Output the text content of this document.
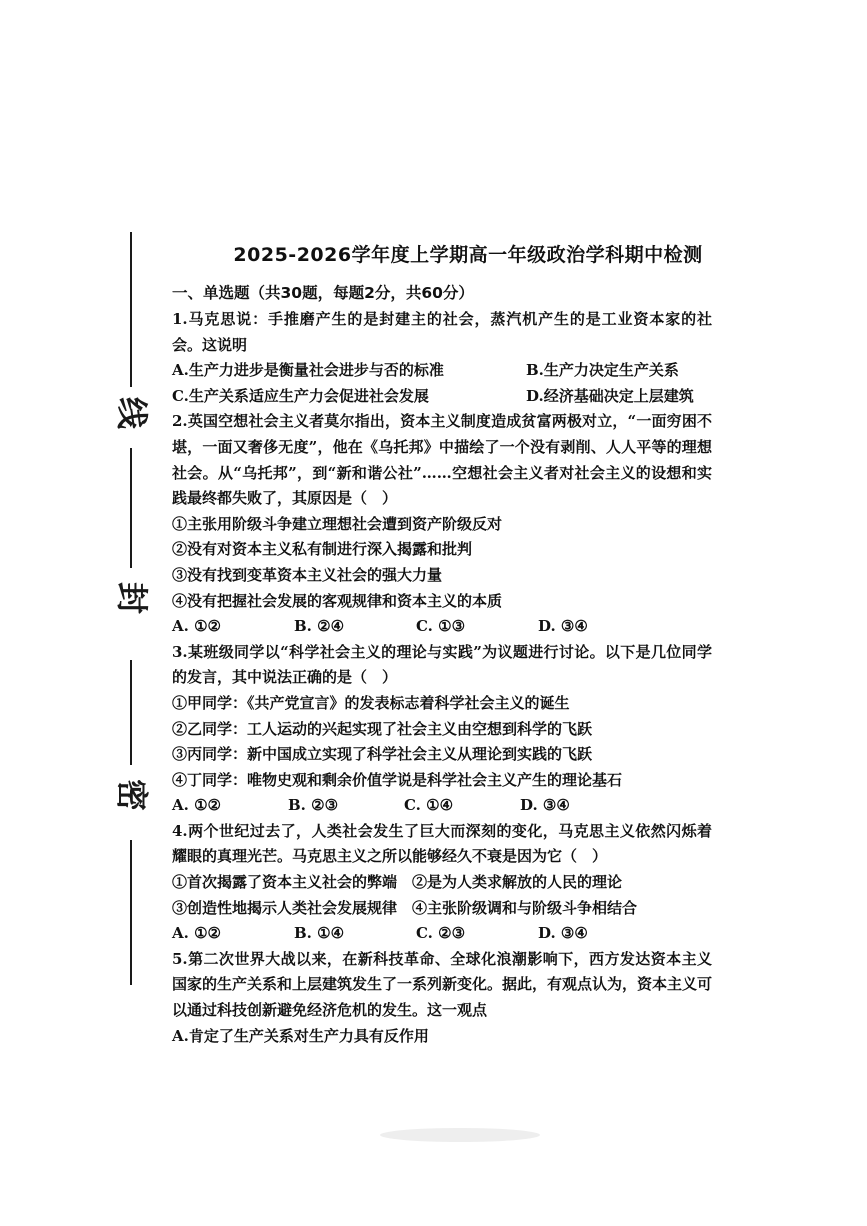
线
封
密
2025-2026学年度上学期高一年级政治学科期中检测
一、单选题（共30题，每题2分，共60分）
1.马克思说：手推磨产生的是封建主的社会，蒸汽机产生的是工业资本家的社会。这说明
A.生产力进步是衡量社会进步与否的标准	B.生产力决定生产关系
C.生产关系适应生产力会促进社会发展	D.经济基础决定上层建筑
2.英国空想社会主义者莫尔指出，资本主义制度造成贫富两极对立，“一面穷困不堪，一面又奢侈无度”，他在《乌托邦》中描绘了一个没有剥削、人人平等的理想社会。从“乌托邦”，到“新和谐公社”……空想社会主义者对社会主义的设想和实践最终都失败了，其原因是（　）
①主张用阶级斗争建立理想社会遭到资产阶级反对
②没有对资本主义私有制进行深入揭露和批判
③没有找到变革资本主义社会的强大力量
④没有把握社会发展的客观规律和资本主义的本质
A. ①②	B. ②④	C. ①③	D. ③④
3.某班级同学以“科学社会主义的理论与实践”为议题进行讨论。以下是几位同学的发言，其中说法正确的是（　）
①甲同学：《共产党宣言》的发表标志着科学社会主义的诞生
②乙同学：工人运动的兴起实现了社会主义由空想到科学的飞跃
③丙同学：新中国成立实现了科学社会主义从理论到实践的飞跃
④丁同学：唯物史观和剩余价值学说是科学社会主义产生的理论基石
A. ①②	B. ②③	C. ①④	D. ③④
4.两个世纪过去了，人类社会发生了巨大而深刻的变化，马克思主义依然闪烁着耀眼的真理光芒。马克思主义之所以能够经久不衰是因为它（　）
①首次揭露了资本主义社会的弊端　②是为人类求解放的人民的理论
③创造性地揭示人类社会发展规律　④主张阶级调和与阶级斗争相结合
A. ①②	B. ①④	C. ②③	D. ③④
5.第二次世界大战以来，在新科技革命、全球化浪潮影响下，西方发达资本主义国家的生产关系和上层建筑发生了一系列新变化。据此，有观点认为，资本主义可以通过科技创新避免经济危机的发生。这一观点
A.肯定了生产关系对生产力具有反作用
